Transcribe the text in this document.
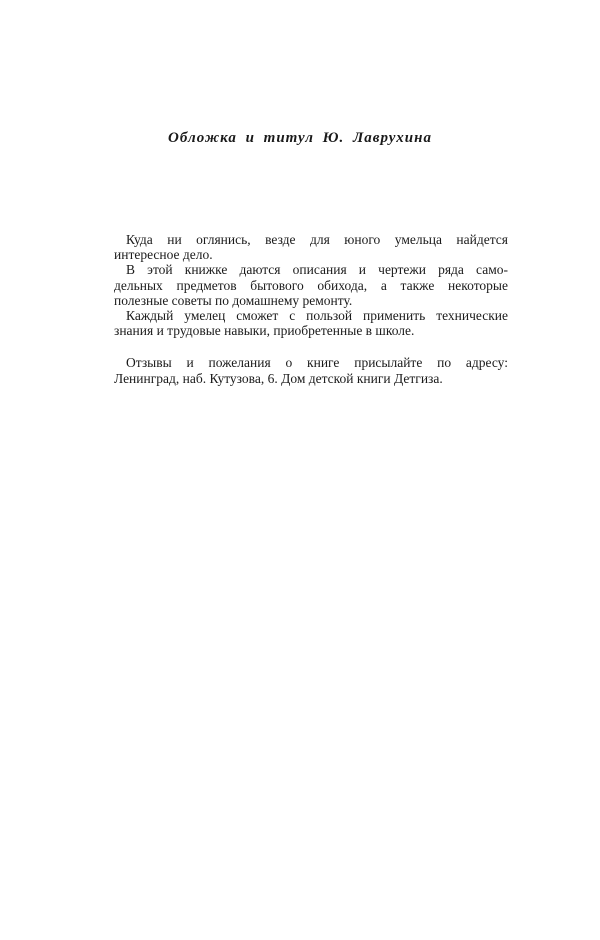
Обложка и титул Ю. Лаврухина
Куда ни оглянись, везде для юного умельца найдется
интересное дело.
В этой книжке даются описания и чертежи ряда само-
дельных предметов бытового обихода, а также некоторые
полезные советы по домашнему ремонту.
Каждый умелец сможет с пользой применить технические
знания и трудовые навыки, приобретенные в школе.
Отзывы и пожелания о книге присылайте по адресу:
Ленинград, наб. Кутузова, 6. Дом детской книги Детгиза.
